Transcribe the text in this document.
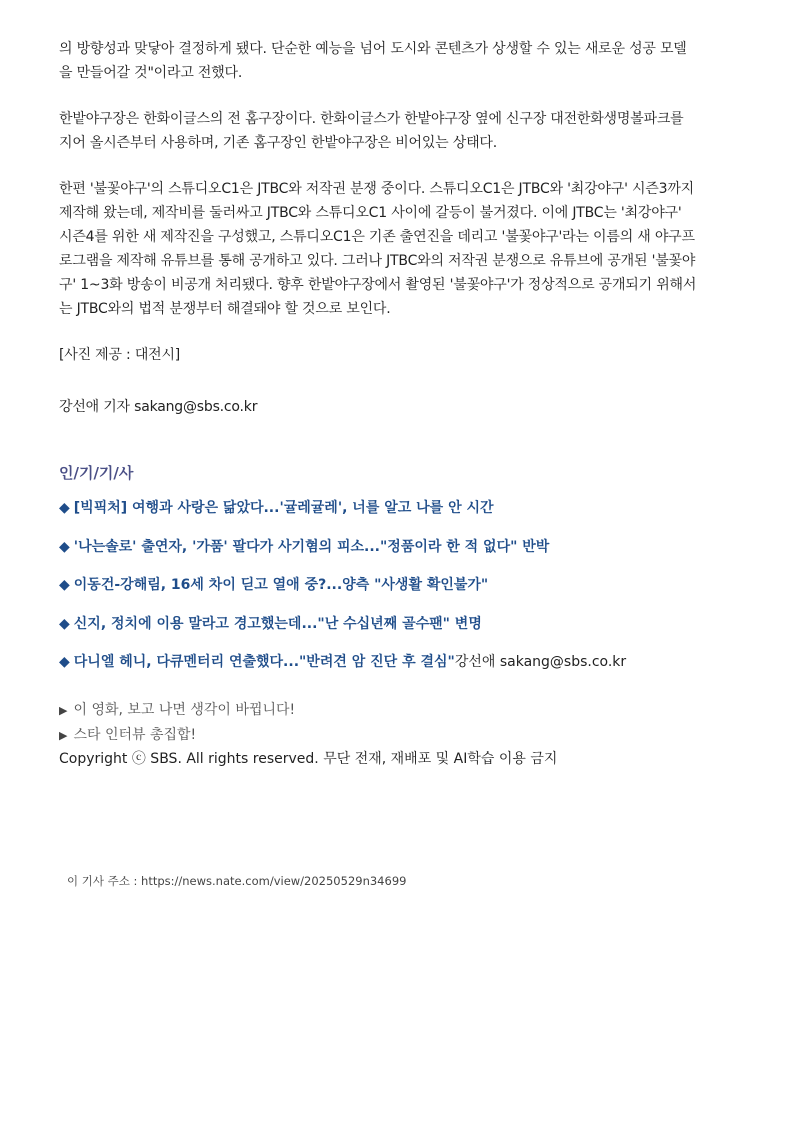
의 방향성과 맞닿아 결정하게 됐다. 단순한 예능을 넘어 도시와 콘텐츠가 상생할 수 있는 새로운 성공 모델을 만들어갈 것"이라고 전했다.

한밭야구장은 한화이글스의 전 홈구장이다. 한화이글스가 한밭야구장 옆에 신구장 대전한화생명볼파크를 지어 올시즌부터 사용하며, 기존 홈구장인 한밭야구장은 비어있는 상태다.

한편 '불꽃야구'의 스튜디오C1은 JTBC와 저작권 분쟁 중이다. 스튜디오C1은 JTBC와 '최강야구' 시즌3까지 제작해 왔는데, 제작비를 둘러싸고 JTBC와 스튜디오C1 사이에 갈등이 불거졌다. 이에 JTBC는 '최강야구' 시즌4를 위한 새 제작진을 구성했고, 스튜디오C1은 기존 출연진을 데리고 '불꽃야구'라는 이름의 새 야구프로그램을 제작해 유튜브를 통해 공개하고 있다. 그러나 JTBC와의 저작권 분쟁으로 유튜브에 공개된 '불꽃야구' 1~3화 방송이 비공개 처리됐다. 향후 한밭야구장에서 촬영된 '불꽃야구'가 정상적으로 공개되기 위해서는 JTBC와의 법적 분쟁부터 해결돼야 할 것으로 보인다.

[사진 제공 : 대전시]

강선애 기자 sakang@sbs.co.kr

인/기/기/사
◆ [빅픽처] 여행과 사랑은 닮았다...'귤레귤레', 너를 알고 나를 안 시간
◆ '나는솔로' 출연자, '가품' 팔다가 사기혐의 피소..."정품이라 한 적 없다" 반박
◆ 이동건-강해림, 16세 차이 딛고 열애 중?...양측 "사생활 확인불가"
◆ 신지, 정치에 이용 말라고 경고했는데..."난 수십년째 골수팬" 변명
◆ 다니엘 헤니, 다큐멘터리 연출했다..."반려견 암 진단 후 결심"강선애 sakang@sbs.co.kr
▶ 이 영화, 보고 나면 생각이 바뀝니다!
▶ 스타 인터뷰 총집합!
Copyright ⓒ SBS. All rights reserved. 무단 전재, 재배포 및 AI학습 이용 금지
이 기사 주소 : https://news.nate.com/view/20250529n34699
